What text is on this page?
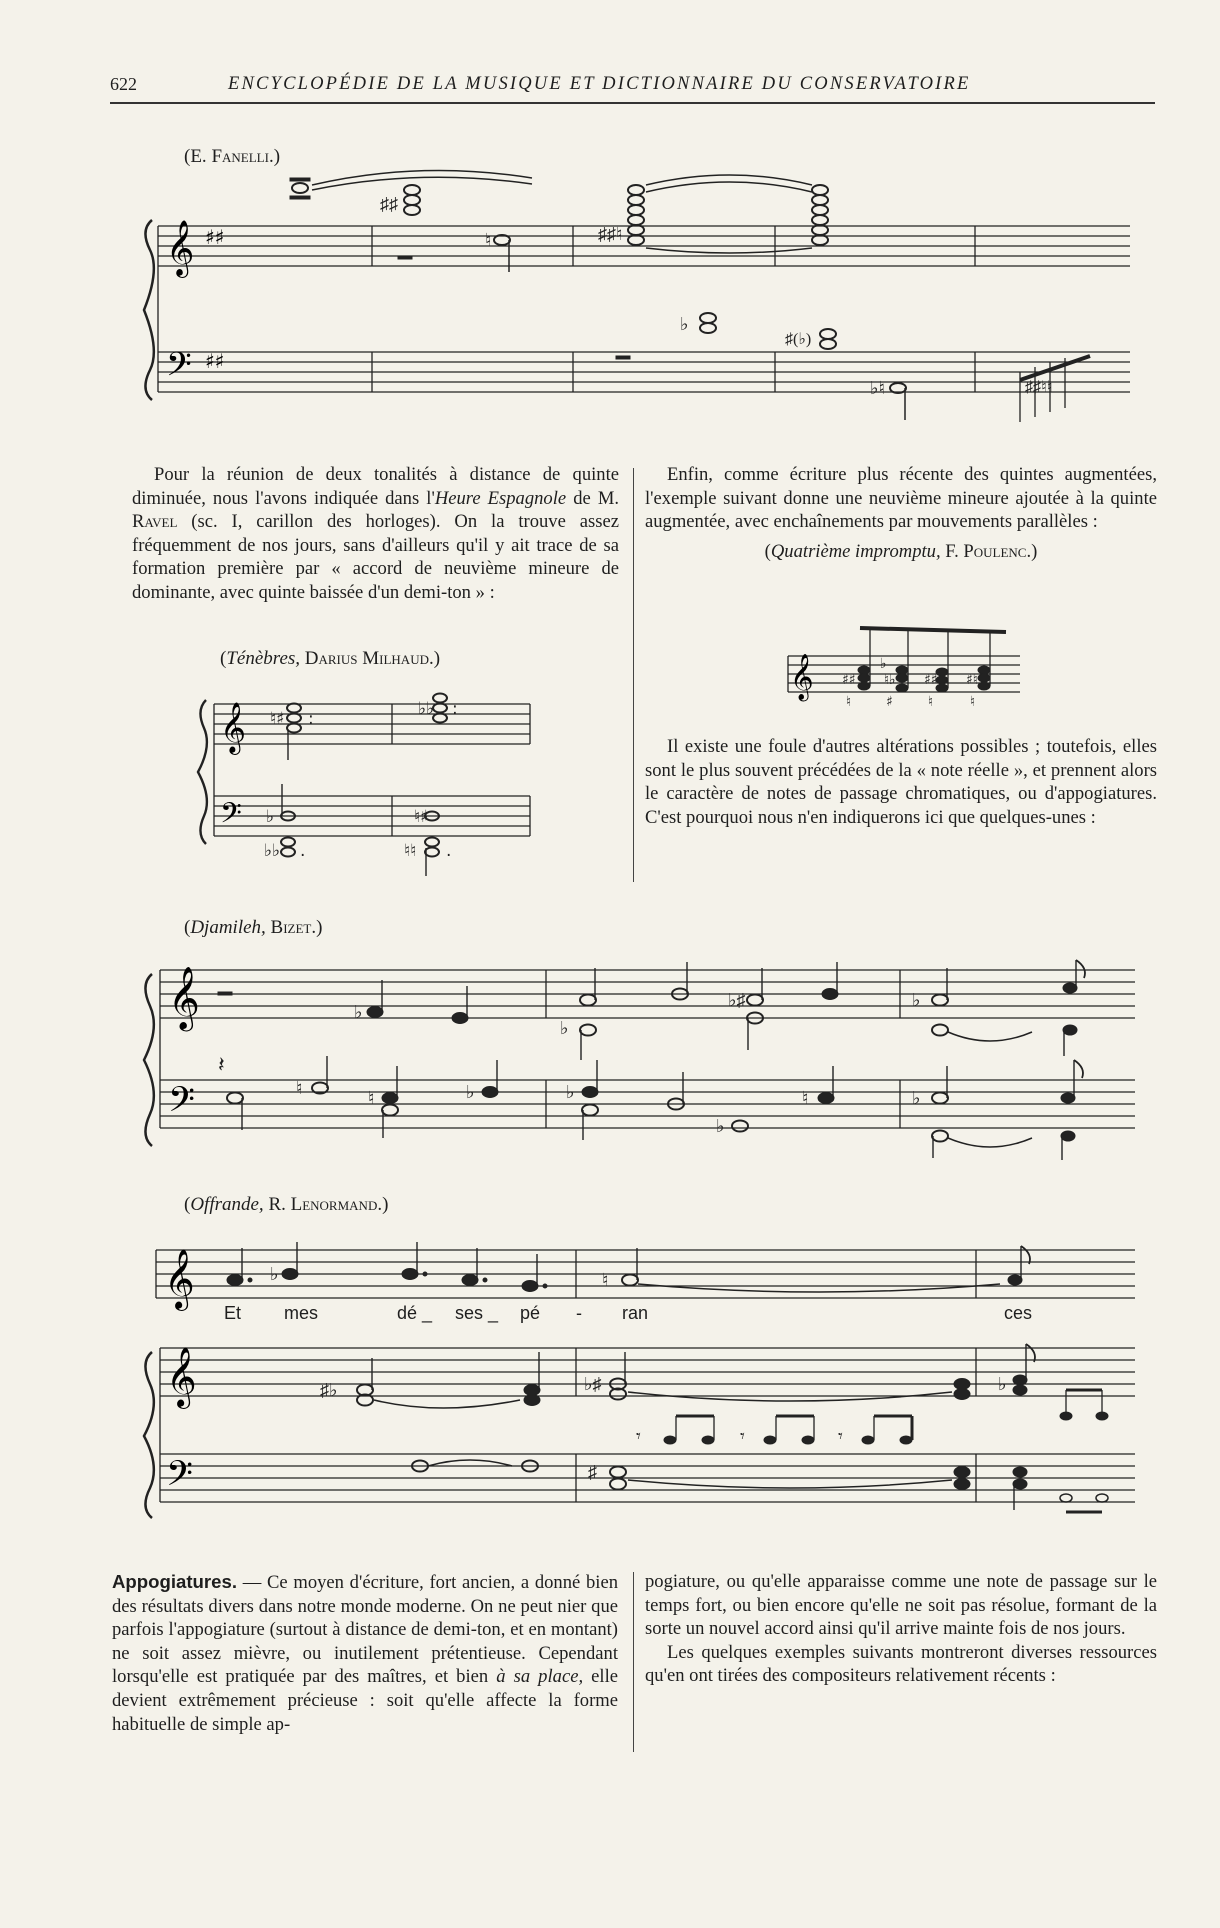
622	ENCYCLOPÉDIE DE LA MUSIQUE ET DICTIONNAIRE DU CONSERVATOIRE
(E. Fanelli.)
𝄞
𝄢
♯♯
♯♯
♯♯
♮	♯♯♮
♭
♯(♭)
♭♮	♯♯♮♮

Pour la réunion de deux tonalités à distance de quinte diminuée, nous l'avons indiquée dans l'Heure Espagnole de M. Ravel (sc. I, carillon des horloges). On la trouve assez fréquemment de nos jours, sans d'ailleurs qu'il y ait trace de sa formation première par « accord de neuvième mineure de dominante, avec quinte baissée d'un demi-ton » :

(Ténèbres, Darius Milhaud.)
𝄞
𝄢
♮♯	♭♭
♭
♭♭
♮♯
♮♮
:	:
.	.

Enfin, comme écriture plus récente des quintes augmentées, l'exemple suivant donne une neuvième mineure ajoutée à la quinte augmentée, avec enchaînements par mouvements parallèles :

(Quatrième impromptu, F. Poulenc.)

𝄞 ♯♯
♮
♭
♮♭
♯
♯♯
♮
♯♮
♮

Il existe une foule d'autres altérations possibles ; toutefois, elles sont le plus souvent précédées de la « note réelle », et prennent alors le caractère de notes de passage chromatiques, ou d'appogiatures. C'est pourquoi nous n'en indiquerons ici que quelques-unes :

(Djamileh, Bizet.)
𝄞
𝄢
♭
♭
♭♯	♭
𝄽
♮	♮	♭	♭
♭
♮	♭
(Offrande, R. Lenormand.)
𝄞
𝄞
𝄢
♭	♮
♯♭	♭♯
𝄾	𝄾	𝄾
♭
♯
Et mes	dé _ ses _ pé - ran	ces

Appogiatures. — Ce moyen d'écriture, fort ancien, a donné bien des résultats divers dans notre monde moderne. On ne peut nier que parfois l'appogiature (surtout à distance de demi-ton, et en montant) ne soit assez mièvre, ou inutilement prétentieuse. Cependant lorsqu'elle est pratiquée par des maîtres, et bien à sa place, elle devient extrêmement précieuse : soit qu'elle affecte la forme habituelle de simple ap-

pogiature, ou qu'elle apparaisse comme une note de passage sur le temps fort, ou bien encore qu'elle ne soit pas résolue, formant de la sorte un nouvel accord ainsi qu'il arrive mainte fois de nos jours.

Les quelques exemples suivants montreront diverses ressources qu'en ont tirées des compositeurs relativement récents :
